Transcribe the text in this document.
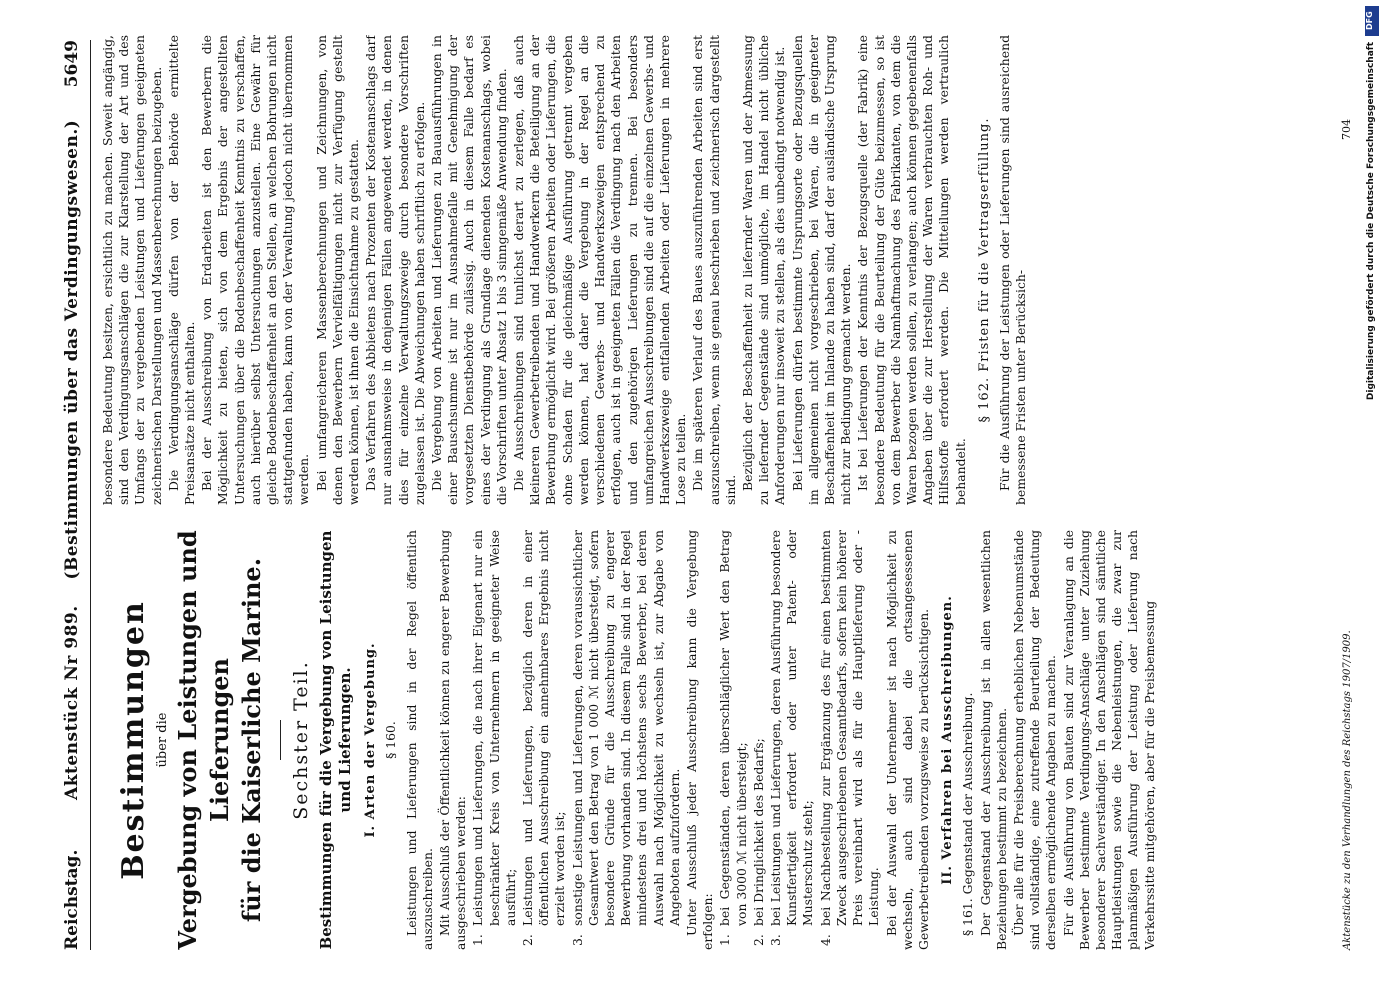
Reichstag.
Aktenstück Nr 989.    (Bestimmungen über das Verdingungswesen.)
5649
Bestimmungen über die Vergebung von Leistungen und Lieferungen für die Kaiserliche Marine. Sechster Teil. Bestimmungen für die Vergebung von Leistungen und Lieferungen. I. Arten der Vergebung. § 160. Leistungen und Lieferungen sind in der Regel öffentlich auszuschreiben. Mit Ausschluß der Öffentlichkeit können zu engerer Bewerbung ausgeschrieben werden: 1.
Leistungen und Lieferungen, die nach ihrer Eigenart nur ein beschränkter Kreis von Unternehmern in geeigneter Weise ausführt;
2.
Leistungen und Lieferungen, bezüglich deren in einer öffentlichen Ausschreibung ein annehmbares Ergebnis nicht erzielt worden ist;
3.
sonstige Leistungen und Lieferungen, deren voraussichtlicher Gesamtwert den Betrag von 1 000 ℳ nicht übersteigt, sofern besondere Gründe für die Ausschreibung zu engerer Bewerbung vorhanden sind. In diesem Falle sind in der Regel mindestens drei und höchstens sechs Bewerber, bei deren Auswahl nach Möglichkeit zu wechseln ist, zur Abgabe von Angeboten aufzufordern. Unter Ausschluß jeder Ausschreibung kann die Vergebung erfolgen: 1.
bei Gegenständen, deren überschläglicher Wert den Betrag von 3000 ℳ nicht übersteigt;
2.
bei Dringlichkeit des Bedarfs;
3.
bei Leistungen und Lieferungen, deren Ausführung besondere Kunstfertigkeit erfordert oder unter Patent- oder Musterschutz steht;
4.
bei Nachbestellung zur Ergänzung des für einen bestimmten Zweck ausgeschriebenen Gesamtbedarfs, sofern kein höherer Preis vereinbart wird als für die Hauptlieferung oder -Leistung. Bei der Auswahl der Unternehmer ist nach Möglichkeit zu wechseln, auch sind dabei die ortsangesessenen Gewerbetreibenden vorzugsweise zu berücksichtigen. II. Verfahren bei Ausschreibungen. § 161. Gegenstand der Ausschreibung. Der Gegenstand der Ausschreibung ist in allen wesentlichen Beziehungen bestimmt zu bezeichnen. Über alle für die Preisberechnung erheblichen Nebenumstände sind vollständige, eine zutreffende Beurteilung der Bedeutung derselben ermöglichende Angaben zu machen. Für die Ausführung von Bauten sind zur Veranlagung an die Bewerber bestimmte Verdingungs-Anschläge unter Zuziehung besonderer Sachverständiger. In den Anschlägen sind sämtliche Hauptleistungen sowie die Nebenleistungen, die zwar zur planmäßigen Ausführung der Leistung oder Lieferung nach Verkehrssitte mitgehören, aber für die Preisbemessung

besondere Bedeutung besitzen, ersichtlich zu machen. Soweit angängig, sind den Verdingungsanschlägen die zur Klarstellung der Art und des Umfangs der zu vergebenden Leistungen und Lieferungen geeigneten zeichnerischen Darstellungen und Massenberechnungen beizugeben. Die Verdingungsanschläge dürfen von der Behörde ermittelte Preisansätze nicht enthalten. Bei der Ausschreibung von Erdarbeiten ist den Bewerbern die Möglichkeit zu bieten, sich von dem Ergebnis der angestellten Untersuchungen über die Bodenbeschaffenheit Kenntnis zu verschaffen, auch hierüber selbst Untersuchungen anzustellen. Eine Gewähr für gleiche Bodenbeschaffenheit an den Stellen, an welchen Bohrungen nicht stattgefunden haben, kann von der Verwaltung jedoch nicht übernommen werden. Bei umfangreicheren Massenberechnungen und Zeichnungen, von denen den Bewerbern Vervielfältigungen nicht zur Verfügung gestellt werden können, ist ihnen die Einsichtnahme zu gestatten. Das Verfahren des Abbietens nach Prozenten der Kostenanschlags darf nur ausnahmsweise in denjenigen Fällen angewendet werden, in denen dies für einzelne Verwaltungszweige durch besondere Vorschriften zugelassen ist. Die Abweichungen haben schriftlich zu erfolgen. Die Vergebung von Arbeiten und Lieferungen zu Bauausführungen in einer Bauschsumme ist nur im Ausnahmefalle mit Genehmigung der vorgesetzten Dienstbehörde zulässig. Auch in diesem Falle bedarf es eines der Verdingung als Grundlage dienenden Kostenanschlags, wobei die Vorschriften unter Absatz 1 bis 3 sinngemäße Anwendung finden. Die Ausschreibungen sind tunlichst derart zu zerlegen, daß auch kleineren Gewerbetreibenden und Handwerkern die Beteiligung an der Bewerbung ermöglicht wird. Bei größeren Arbeiten oder Lieferungen, die ohne Schaden für die gleichmäßige Ausführung getrennt vergeben werden können, hat daher die Vergebung in der Regel an die verschiedenen Gewerbs- und Handwerkszweigen entsprechend zu erfolgen, auch ist in geeigneten Fällen die Verdingung nach den Arbeiten und den zugehörigen Lieferungen zu trennen. Bei besonders umfangreichen Ausschreibungen sind die auf die einzelnen Gewerbs- und Handwerkszweige entfallenden Arbeiten oder Lieferungen in mehrere Lose zu teilen. Die im späteren Verlauf des Baues auszuführenden Arbeiten sind erst auszuschreiben, wenn sie genau beschrieben und zeichnerisch dargestellt sind. Bezüglich der Beschaffenheit zu liefernder Waren und der Abmessung zu liefernder Gegenstände sind unmögliche, im Handel nicht übliche Anforderungen nur insoweit zu stellen, als dies unbedingt notwendig ist. Bei Lieferungen dürfen bestimmte Ursprungsorte oder Bezugsquellen im allgemeinen nicht vorgeschrieben, bei Waren, die in geeigneter Beschaffenheit im Inlande zu haben sind, darf der ausländische Ursprung nicht zur Bedingung gemacht werden. Ist bei Lieferungen der Kenntnis der Bezugsquelle (der Fabrik) eine besondere Bedeutung für die Beurteilung der Güte beizumessen, so ist von dem Bewerber die Namhaftmachung des Fabrikanten, von dem die Waren bezogen werden sollen, zu verlangen; auch können gegebenenfalls Angaben über die zur Herstellung der Waren verbrauchten Roh- und Hilfsstoffe erfordert werden. Die Mitteilungen werden vertraulich behandelt.

§ 162. Fristen für die Vertragserfüllung. Für die Ausführung der Leistungen oder Lieferungen sind ausreichend bemessene Fristen unter Berücksich-

Aktenstücke zu den Verhandlungen des Reichstags 1907/1909.
704
DFG
Digitalisierung gefördert durch die Deutsche Forschungsgemeinschaft
